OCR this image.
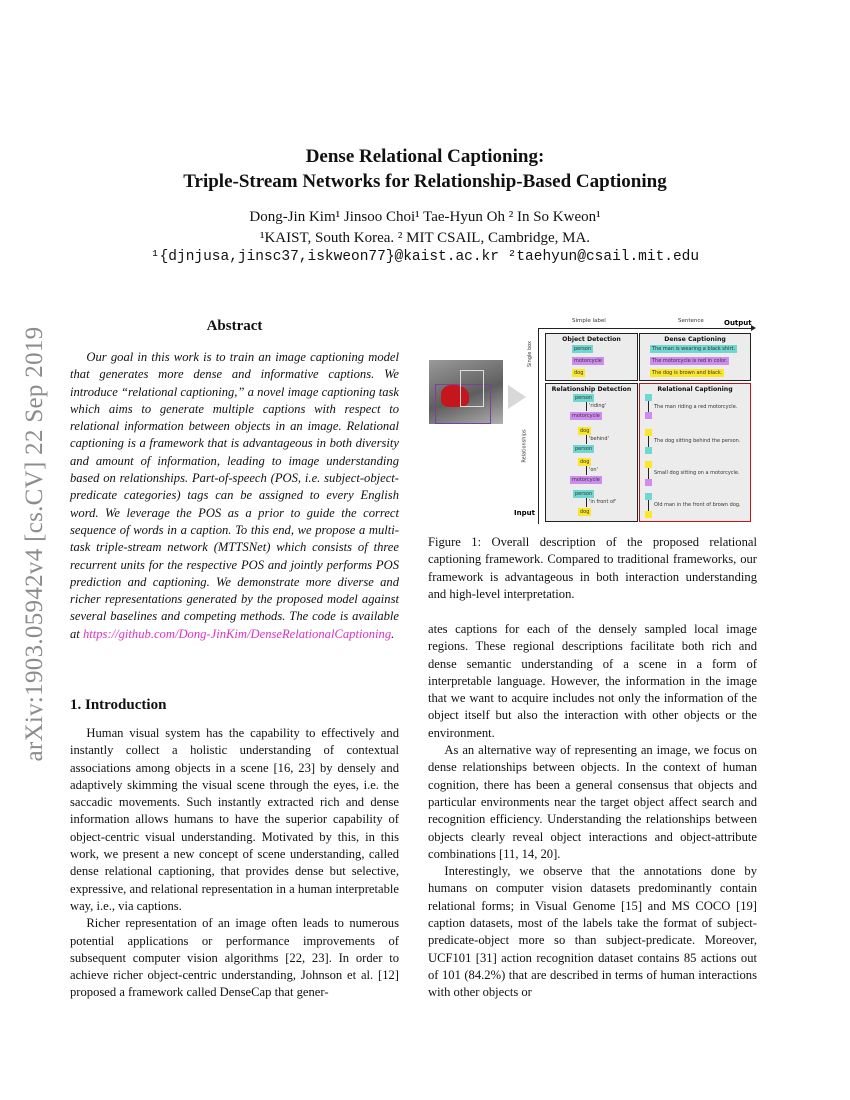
arXiv:1903.05942v4 [cs.CV] 22 Sep 2019
Dense Relational Captioning:
Triple-Stream Networks for Relationship-Based Captioning
Dong-Jin Kim¹ Jinsoo Choi¹ Tae-Hyun Oh ² In So Kweon¹
¹KAIST, South Korea. ² MIT CSAIL, Cambridge, MA.
¹{djnjusa,jinsc37,iskweon77}@kaist.ac.kr ²taehyun@csail.mit.edu
Abstract

Our goal in this work is to train an image captioning model that generates more dense and informative captions. We introduce “relational captioning,” a novel image captioning task which aims to generate multiple captions with respect to relational information between objects in an image. Relational captioning is a framework that is advantageous in both diversity and amount of information, leading to image understanding based on relationships. Part-of-speech (POS, i.e. subject-object-predicate categories) tags can be assigned to every English word. We leverage the POS as a prior to guide the correct sequence of words in a caption. To this end, we propose a multi-task triple-stream network (MTTSNet) which consists of three recurrent units for the respective POS and jointly performs POS prediction and captioning. We demonstrate more diverse and richer representations generated by the proposed model against several baselines and competing methods. The code is available at https://github.com/Dong-JinKim/DenseRelationalCaptioning.

1. Introduction

Human visual system has the capability to effectively and instantly collect a holistic understanding of contextual associations among objects in a scene [16, 23] by densely and adaptively skimming the visual scene through the eyes, i.e. the saccadic movements. Such instantly extracted rich and dense information allows humans to have the superior capability of object-centric visual understanding. Motivated by this, in this work, we present a new concept of scene understanding, called dense relational captioning, that provides dense but selective, expressive, and relational representation in a human interpretable way, i.e., via captions.

Richer representation of an image often leads to numerous potential applications or performance improvements of subsequent computer vision algorithms [22, 23]. In order to achieve richer object-centric understanding, Johnson et al. [12] proposed a framework called DenseCap that gener-

Simple label	Sentence	Output
Input
Single box
Relationships
Object Detection
person
motorcycle
dog
Dense Captioning
The man is wearing a black shirt.
The motorcycle is red in color.
The dog is brown and black.
Relationship Detection
person
'riding'
motorcycle
dog
'behind'
person
dog
'on'
motorcycle
person
'in front of'
dog
Relational Captioning
The man riding a red motorcycle.
The dog sitting behind the person.
Small dog sitting on a motorcycle.
Old man in the front of brown dog.

Figure 1: Overall description of the proposed relational captioning framework. Compared to traditional frameworks, our framework is advantageous in both interaction understanding and high-level interpretation.

ates captions for each of the densely sampled local image regions. These regional descriptions facilitate both rich and dense semantic understanding of a scene in a form of interpretable language. However, the information in the image that we want to acquire includes not only the information of the object itself but also the interaction with other objects or the environment.

As an alternative way of representing an image, we focus on dense relationships between objects. In the context of human cognition, there has been a general consensus that objects and particular environments near the target object affect search and recognition efficiency. Understanding the relationships between objects clearly reveal object interactions and object-attribute combinations [11, 14, 20].

Interestingly, we observe that the annotations done by humans on computer vision datasets predominantly contain relational forms; in Visual Genome [15] and MS COCO [19] caption datasets, most of the labels take the format of subject-predicate-object more so than subject-predicate. Moreover, UCF101 [31] action recognition dataset contains 85 actions out of 101 (84.2%) that are described in terms of human interactions with other objects or
